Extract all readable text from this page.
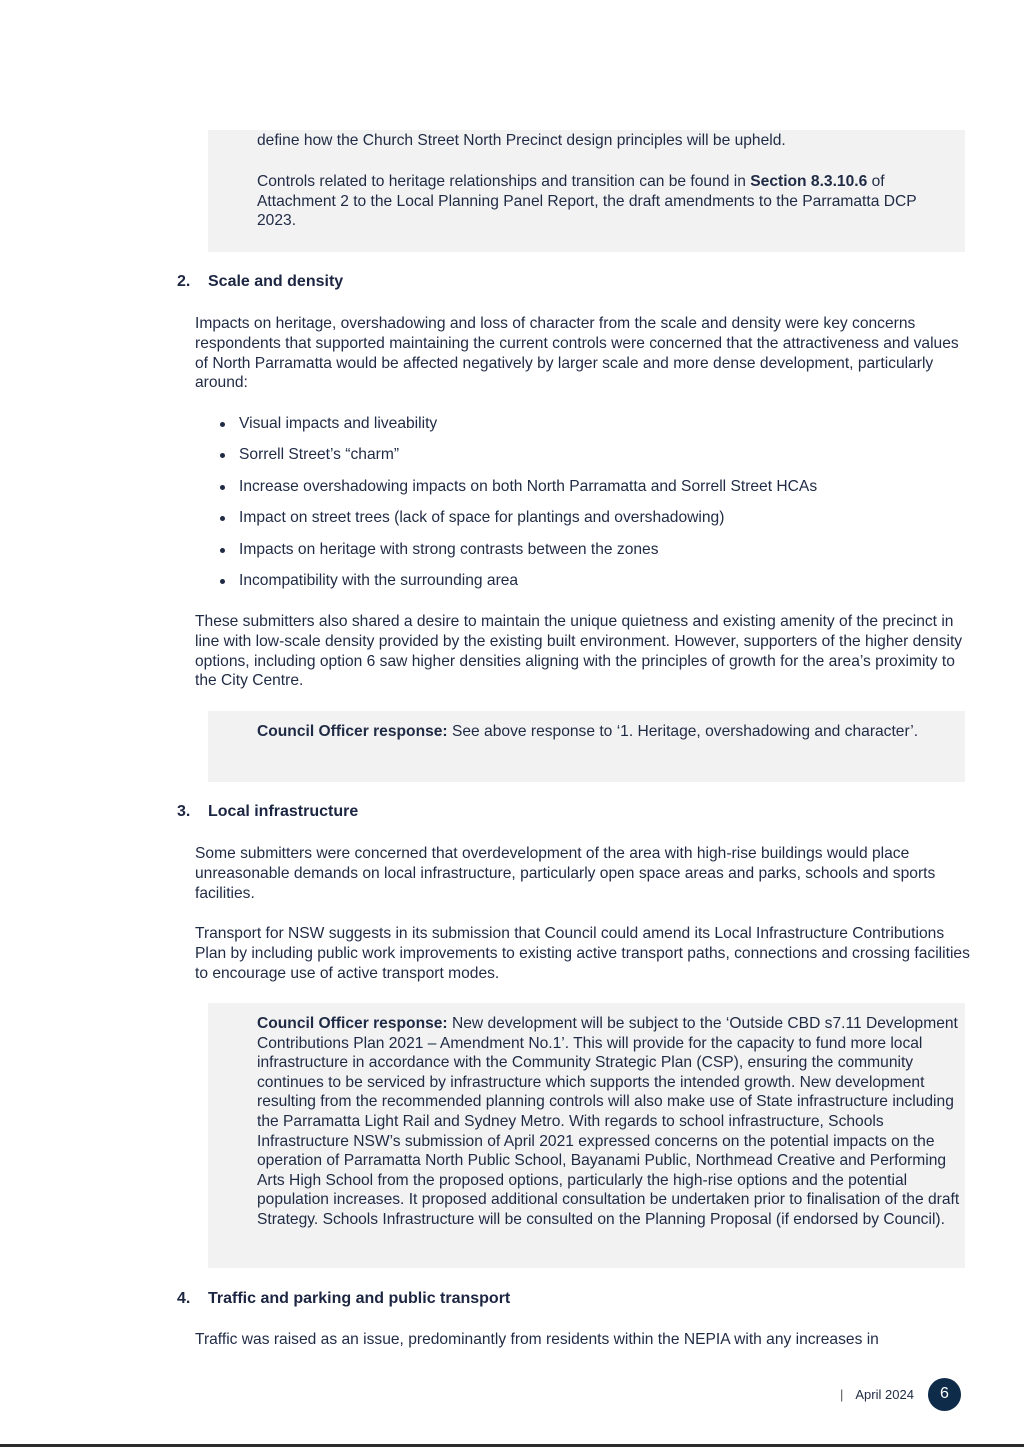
define how the Church Street North Precinct design principles will be upheld.

Controls related to heritage relationships and transition can be found in Section 8.3.10.6 of Attachment 2 to the Local Planning Panel Report, the draft amendments to the Parramatta DCP 2023.

2. Scale and density

Impacts on heritage, overshadowing and loss of character from the scale and density were key concerns respondents that supported maintaining the current controls were concerned that the attractiveness and values of North Parramatta would be affected negatively by larger scale and more dense development, particularly around:

Visual impacts and liveability
Sorrell Street’s “charm”
Increase overshadowing impacts on both North Parramatta and Sorrell Street HCAs
Impact on street trees (lack of space for plantings and overshadowing)
Impacts on heritage with strong contrasts between the zones
Incompatibility with the surrounding area

These submitters also shared a desire to maintain the unique quietness and existing amenity of the precinct in line with low-scale density provided by the existing built environment. However, supporters of the higher density options, including option 6 saw higher densities aligning with the principles of growth for the area’s proximity to the City Centre.

Council Officer response: See above response to ‘1. Heritage, overshadowing and character’.

3. Local infrastructure

Some submitters were concerned that overdevelopment of the area with high-rise buildings would place unreasonable demands on local infrastructure, particularly open space areas and parks, schools and sports facilities.

Transport for NSW suggests in its submission that Council could amend its Local Infrastructure Contributions Plan by including public work improvements to existing active transport paths, connections and crossing facilities to encourage use of active transport modes.

Council Officer response: New development will be subject to the ‘Outside CBD s7.11 Development Contributions Plan 2021 – Amendment No.1’. This will provide for the capacity to fund more local infrastructure in accordance with the Community Strategic Plan (CSP), ensuring the community continues to be serviced by infrastructure which supports the intended growth. New development resulting from the recommended planning controls will also make use of State infrastructure including the Parramatta Light Rail and Sydney Metro. With regards to school infrastructure, Schools Infrastructure NSW’s submission of April 2021 expressed concerns on the potential impacts on the operation of Parramatta North Public School, Bayanami Public, Northmead Creative and Performing Arts High School from the proposed options, particularly the high-rise options and the potential population increases. It proposed additional consultation be undertaken prior to finalisation of the draft Strategy. Schools Infrastructure will be consulted on the Planning Proposal (if endorsed by Council).

4. Traffic and parking and public transport

Traffic was raised as an issue, predominantly from residents within the NEPIA with any increases in

| April 2024	6
